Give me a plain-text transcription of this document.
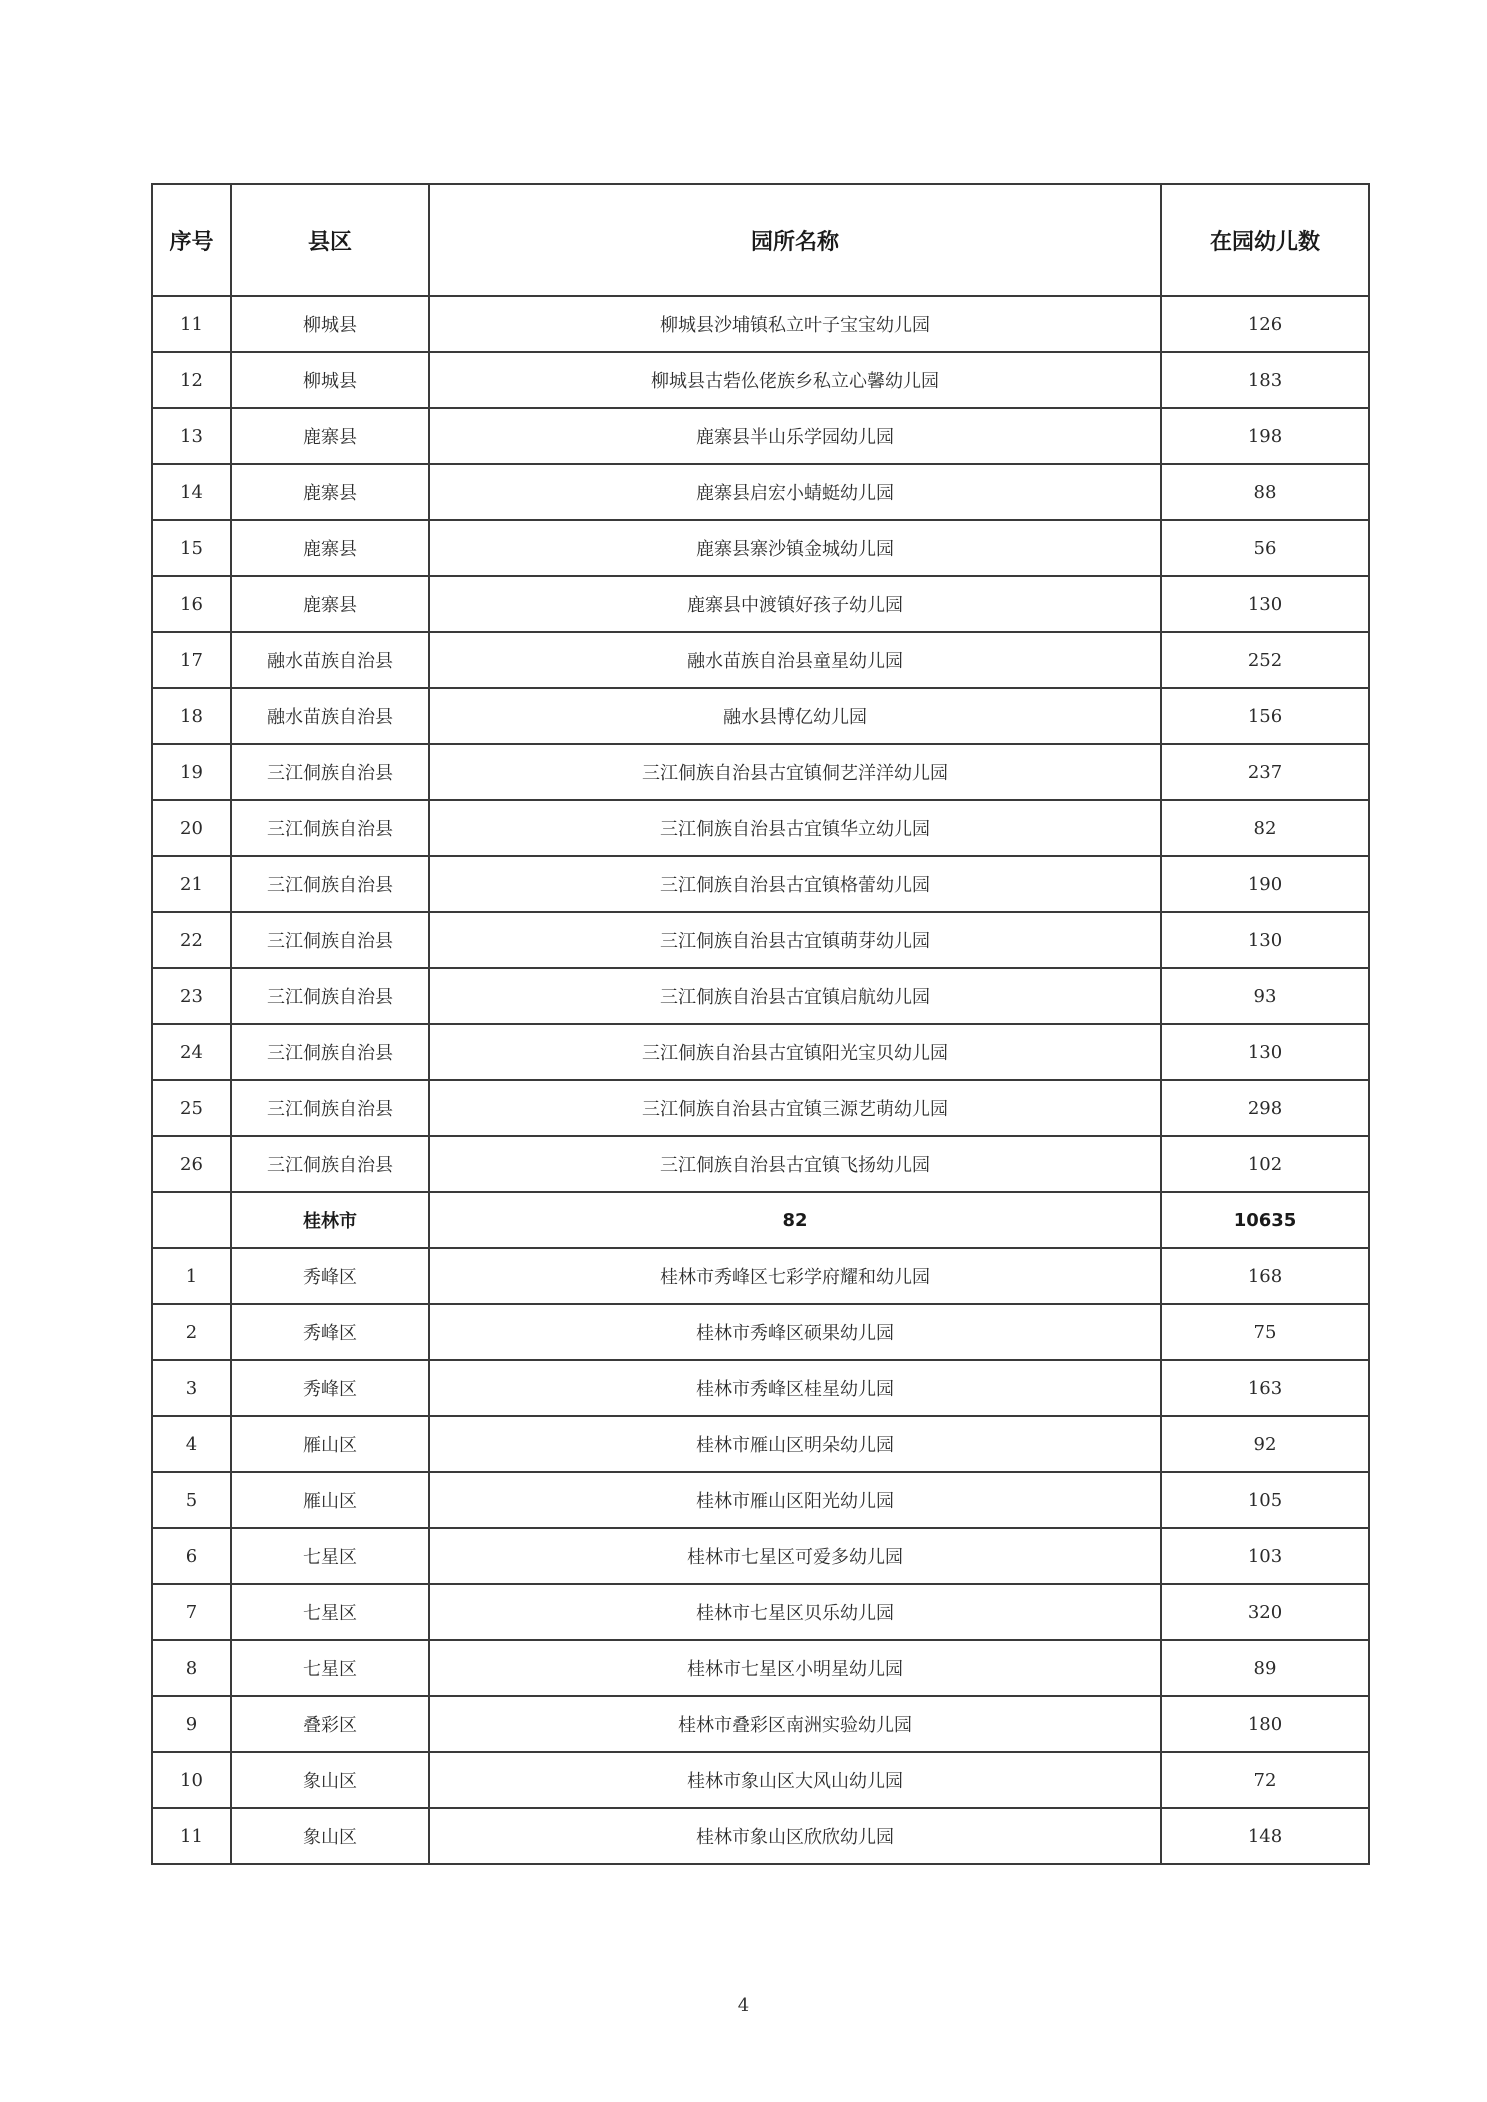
序号	县区	园所名称	在园幼儿数
11	柳城县	柳城县沙埔镇私立叶子宝宝幼儿园	126
12	柳城县	柳城县古砦仫佬族乡私立心馨幼儿园	183
13	鹿寨县	鹿寨县半山乐学园幼儿园	198
14	鹿寨县	鹿寨县启宏小蜻蜓幼儿园	88
15	鹿寨县	鹿寨县寨沙镇金城幼儿园	56
16	鹿寨县	鹿寨县中渡镇好孩子幼儿园	130
17	融水苗族自治县	融水苗族自治县童星幼儿园	252
18	融水苗族自治县	融水县博亿幼儿园	156
19	三江侗族自治县	三江侗族自治县古宜镇侗艺洋洋幼儿园	237
20	三江侗族自治县	三江侗族自治县古宜镇华立幼儿园	82
21	三江侗族自治县	三江侗族自治县古宜镇格蕾幼儿园	190
22	三江侗族自治县	三江侗族自治县古宜镇萌芽幼儿园	130
23	三江侗族自治县	三江侗族自治县古宜镇启航幼儿园	93
24	三江侗族自治县	三江侗族自治县古宜镇阳光宝贝幼儿园	130
25	三江侗族自治县	三江侗族自治县古宜镇三源艺萌幼儿园	298
26	三江侗族自治县	三江侗族自治县古宜镇飞扬幼儿园	102
	桂林市	82	10635
1	秀峰区	桂林市秀峰区七彩学府耀和幼儿园	168
2	秀峰区	桂林市秀峰区硕果幼儿园	75
3	秀峰区	桂林市秀峰区桂星幼儿园	163
4	雁山区	桂林市雁山区明朵幼儿园	92
5	雁山区	桂林市雁山区阳光幼儿园	105
6	七星区	桂林市七星区可爱多幼儿园	103
7	七星区	桂林市七星区贝乐幼儿园	320
8	七星区	桂林市七星区小明星幼儿园	89
9	叠彩区	桂林市叠彩区南洲实验幼儿园	180
10	象山区	桂林市象山区大风山幼儿园	72
11	象山区	桂林市象山区欣欣幼儿园	148
4
